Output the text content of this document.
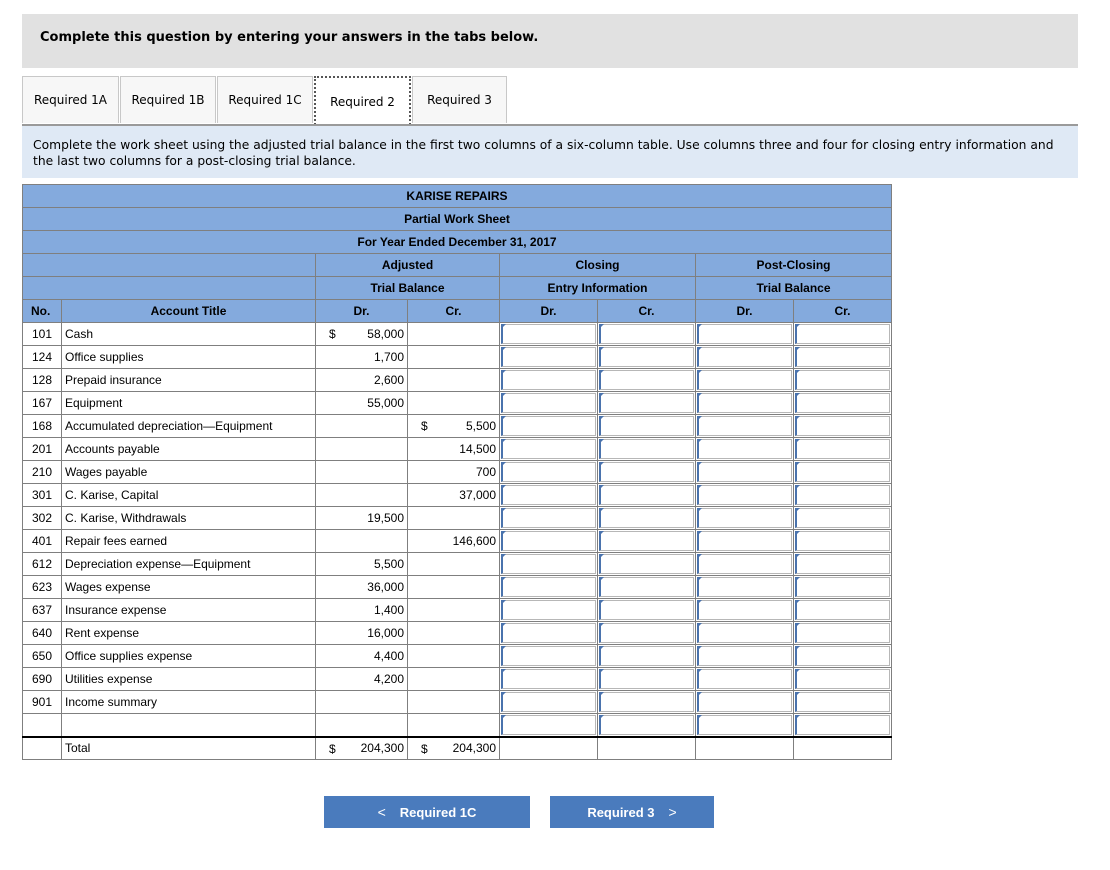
Complete this question by entering your answers in the tabs below.
Required 1A	Required 1B	Required 1C	Required 2	Required 3
Complete the work sheet using the adjusted trial balance in the first two columns of a six-column table. Use columns three and four for closing entry information and the last two columns for a post-closing trial balance.
KARISE REPAIRS							
Partial Work Sheet							
For Year Ended December 31, 2017							
		Adjusted		Closing		Post-Closing	
		Trial Balance		Entry Information		Trial Balance	
No.	Account Title	Dr.	Cr.	Dr.	Cr.	Dr.	Cr.
101	Cash	$ 58,000		

124	Office supplies	1,700		

128	Prepaid insurance	2,600		

167	Equipment	55,000		

168	Accumulated depreciation—Equipment		$ 5,500	

201	Accounts payable		14,500	

210	Wages payable		700	

301	C. Karise, Capital		37,000	

302	C. Karise, Withdrawals	19,500		

401	Repair fees earned		146,600	

612	Depreciation expense—Equipment	5,500		

623	Wages expense	36,000		

637	Insurance expense	1,400		

640	Rent expense	16,000		

650	Office supplies expense	4,400		

690	Utilities expense	4,200		

901	Income summary			

	Total	$ 204,300	$ 204,300				
< Required 1C	Required 3 >
